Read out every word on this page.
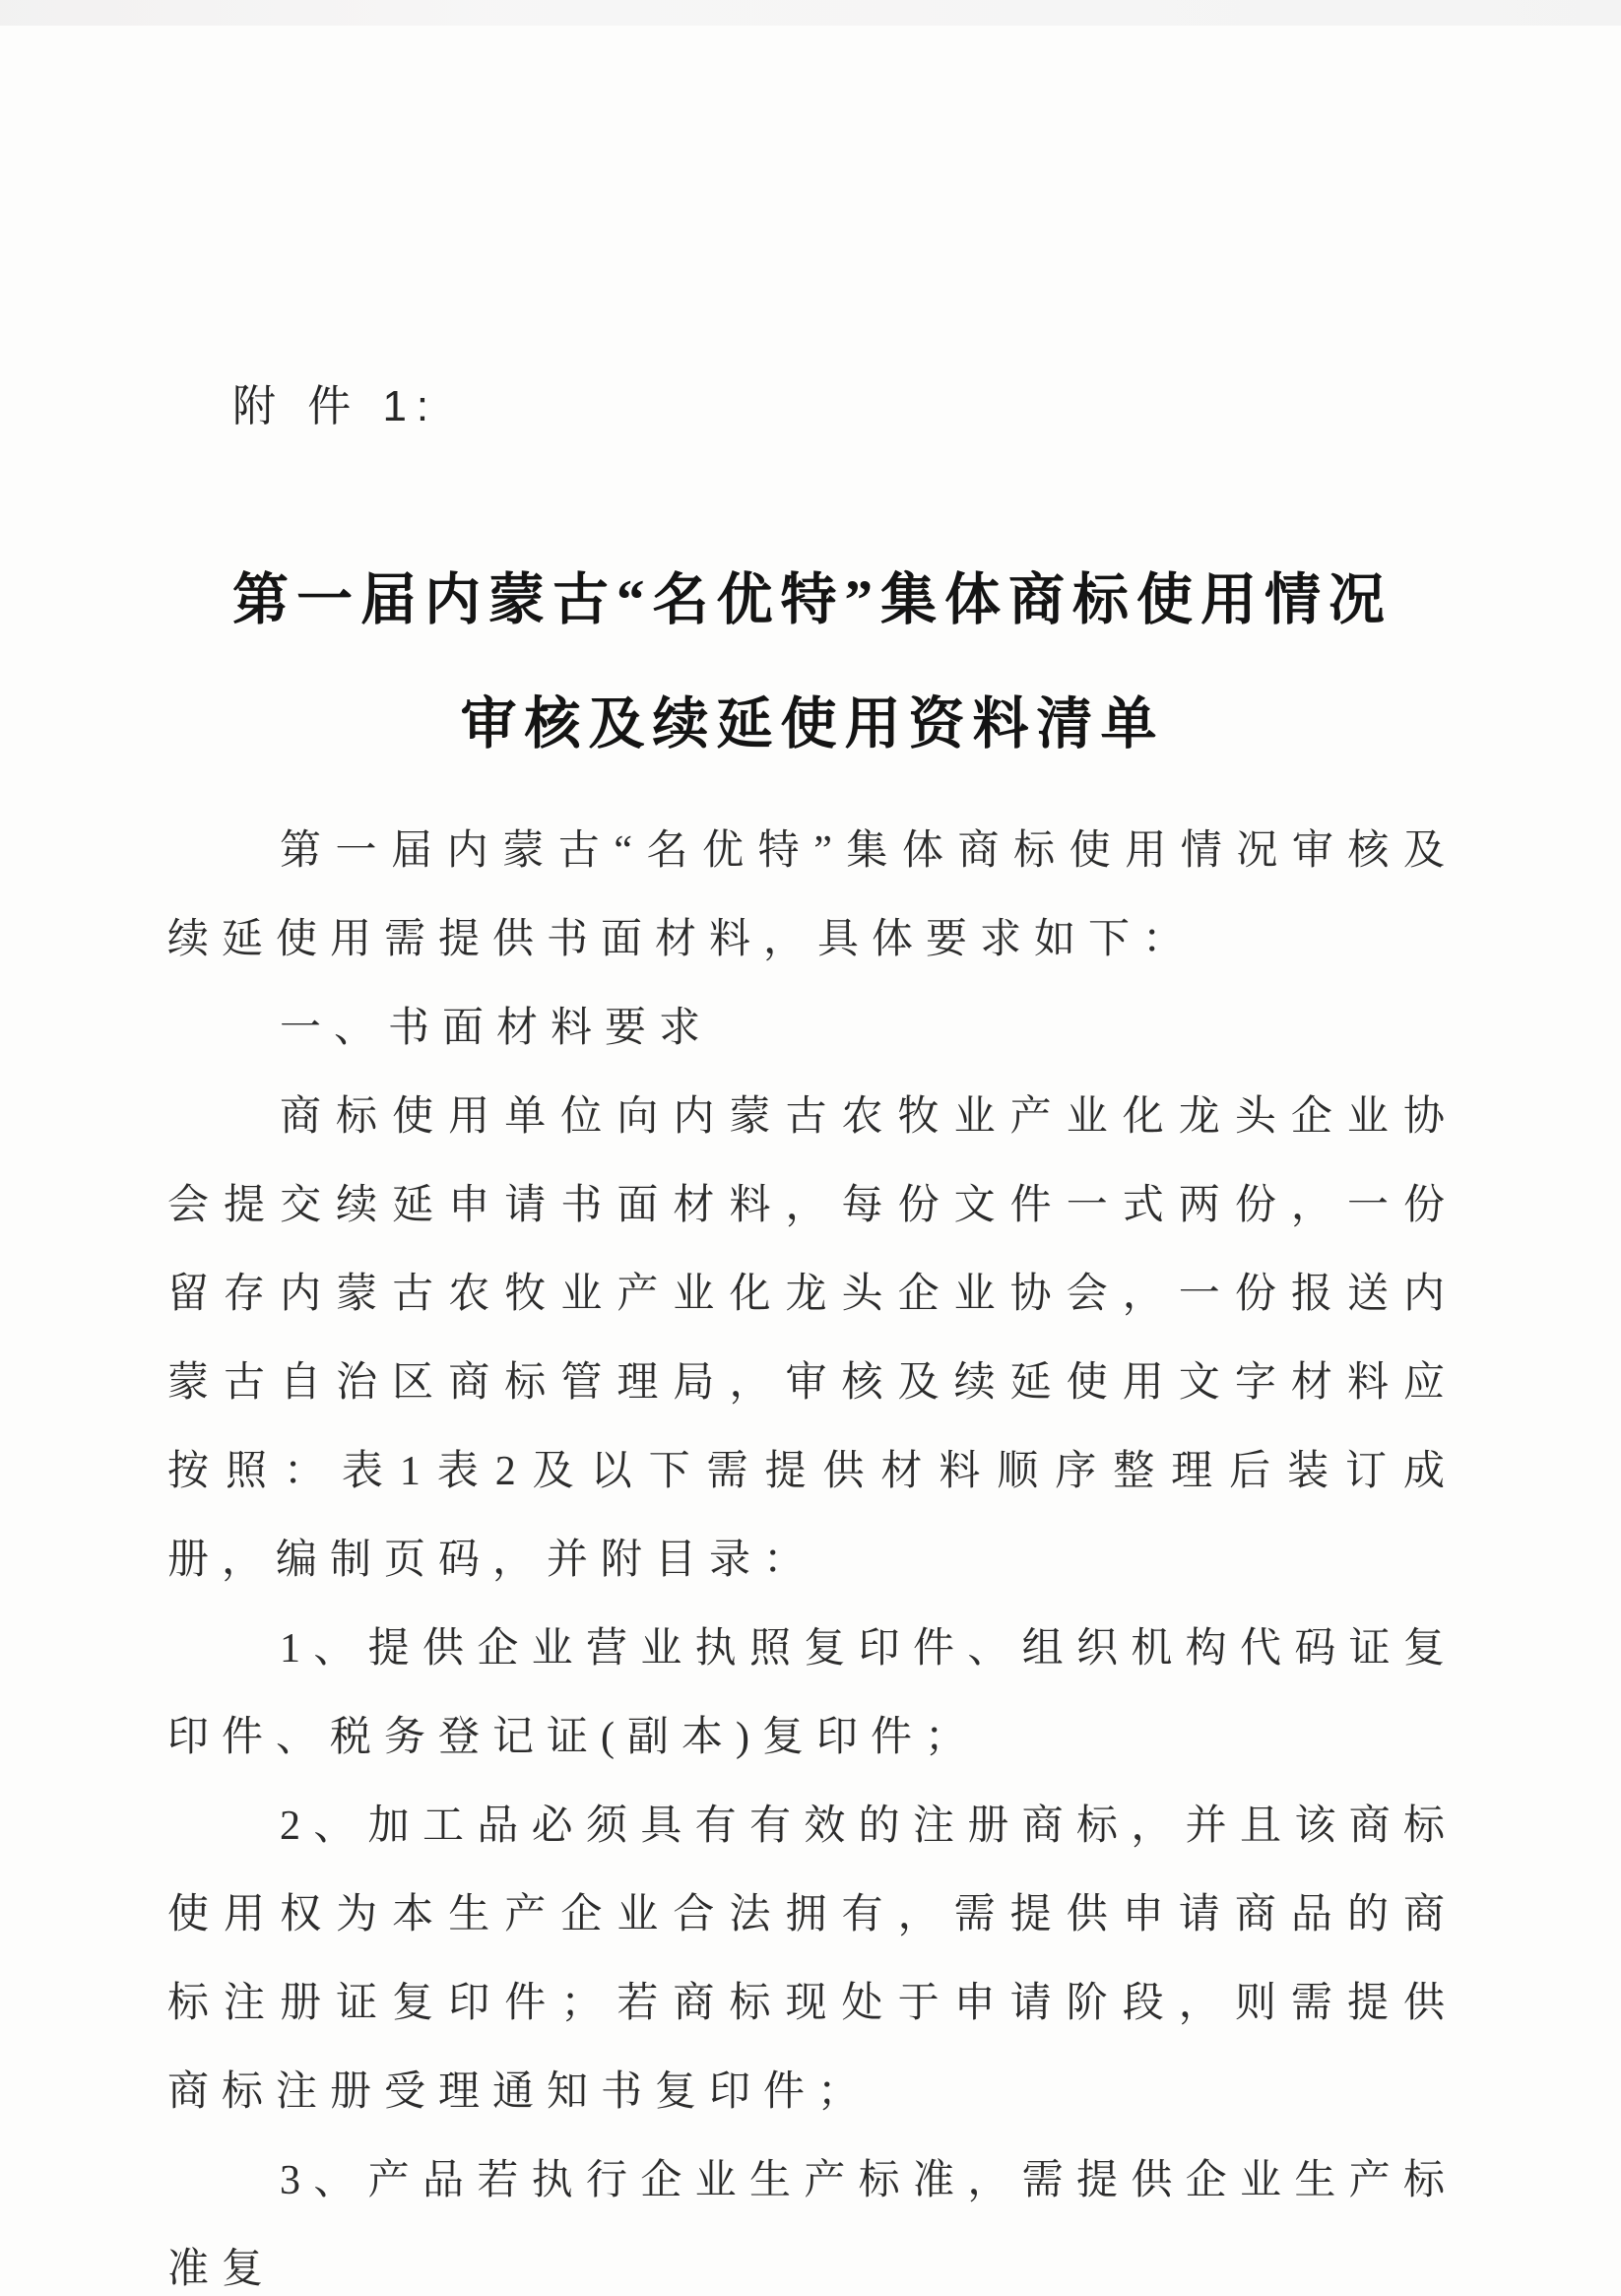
附 件 1:
第一届内蒙古“名优特”集体商标使用情况
审核及续延使用资料清单

第一届内蒙古“名优特”集体商标使用情况审核及续延使用需提供书面材料，具体要求如下：

一、书面材料要求

商标使用单位向内蒙古农牧业产业化龙头企业协会提交续延申请书面材料，每份文件一式两份，一份留存内蒙古农牧业产业化龙头企业协会，一份报送内蒙古自治区商标管理局，审核及续延使用文字材料应按照：表1表2及以下需提供材料顺序整理后装订成册，编制页码，并附目录：

1、提供企业营业执照复印件、组织机构代码证复印件、税务登记证(副本)复印件；

2、加工品必须具有有效的注册商标，并且该商标使用权为本生产企业合法拥有，需提供申请商品的商标注册证复印件；若商标现处于申请阶段，则需提供商标注册受理通知书复印件；

3、产品若执行企业生产标准，需提供企业生产标准复
